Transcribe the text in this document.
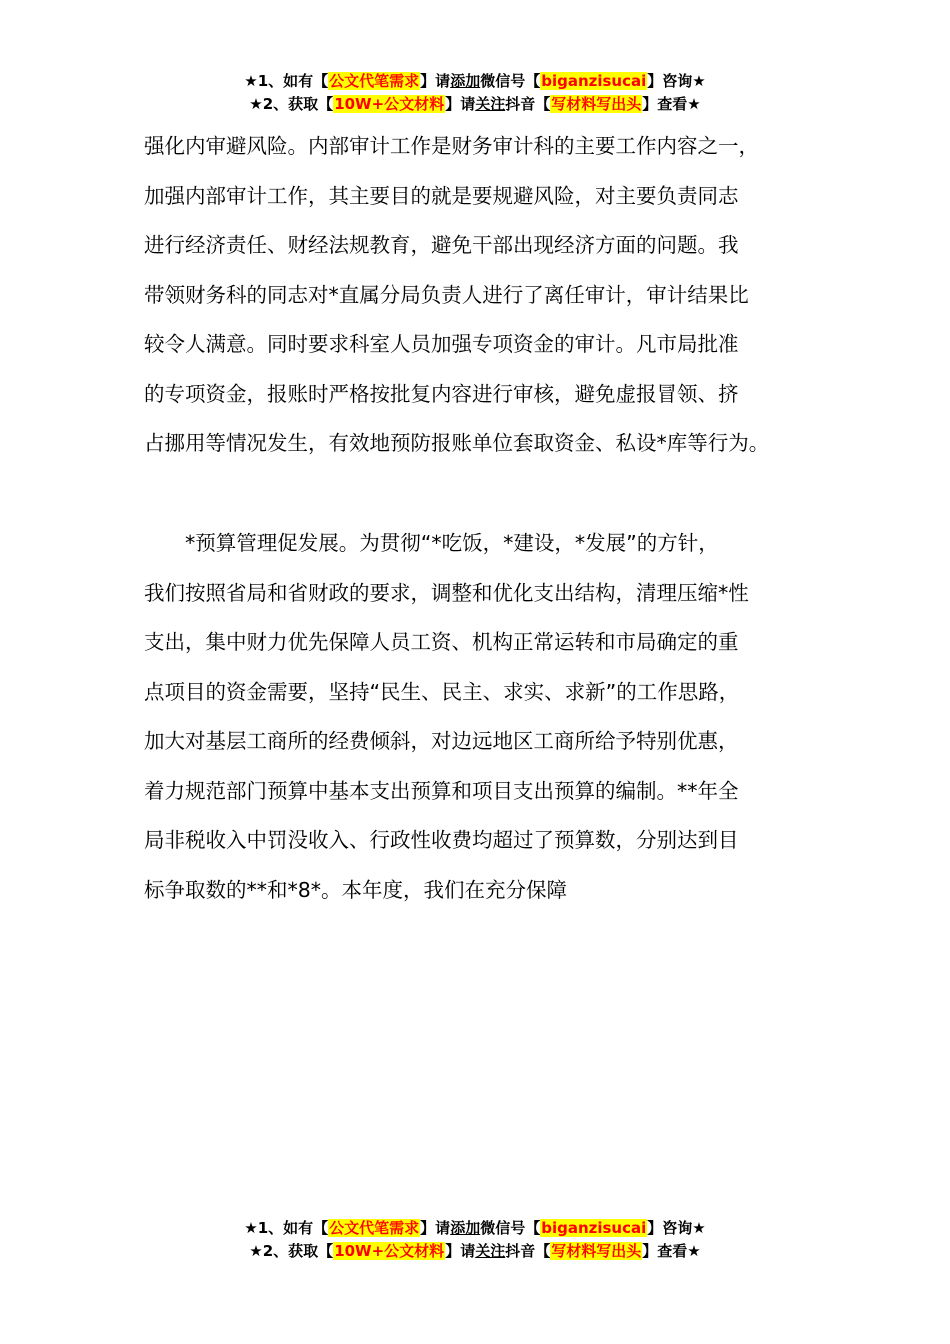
★1、如有【公文代笔需求】请添加微信号【biganzisucai】咨询★
★2、获取【10W+公文材料】请关注抖音【写材料写出头】查看★

强化内审避风险。内部审计工作是财务审计科的主要工作内容之一，
加强内部审计工作，其主要目的就是要规避风险，对主要负责同志
进行经济责任、财经法规教育，避免干部出现经济方面的问题。我
带领财务科的同志对*直属分局负责人进行了离任审计，审计结果比
较令人满意。同时要求科室人员加强专项资金的审计。凡市局批准
的专项资金，报账时严格按批复内容进行审核，避免虚报冒领、挤
占挪用等情况发生，有效地预防报账单位套取资金、私设*库等行为。

　　*预算管理促发展。为贯彻“*吃饭，*建设，*发展”的方针，
我们按照省局和省财政的要求，调整和优化支出结构，清理压缩*性
支出，集中财力优先保障人员工资、机构正常运转和市局确定的重
点项目的资金需要，坚持“民生、民主、求实、求新”的工作思路，
加大对基层工商所的经费倾斜，对边远地区工商所给予特别优惠，
着力规范部门预算中基本支出预算和项目支出预算的编制。**年全
局非税收入中罚没收入、行政性收费均超过了预算数，分别达到目
标争取数的**和*8*。本年度，我们在充分保障

★1、如有【公文代笔需求】请添加微信号【biganzisucai】咨询★
★2、获取【10W+公文材料】请关注抖音【写材料写出头】查看★
